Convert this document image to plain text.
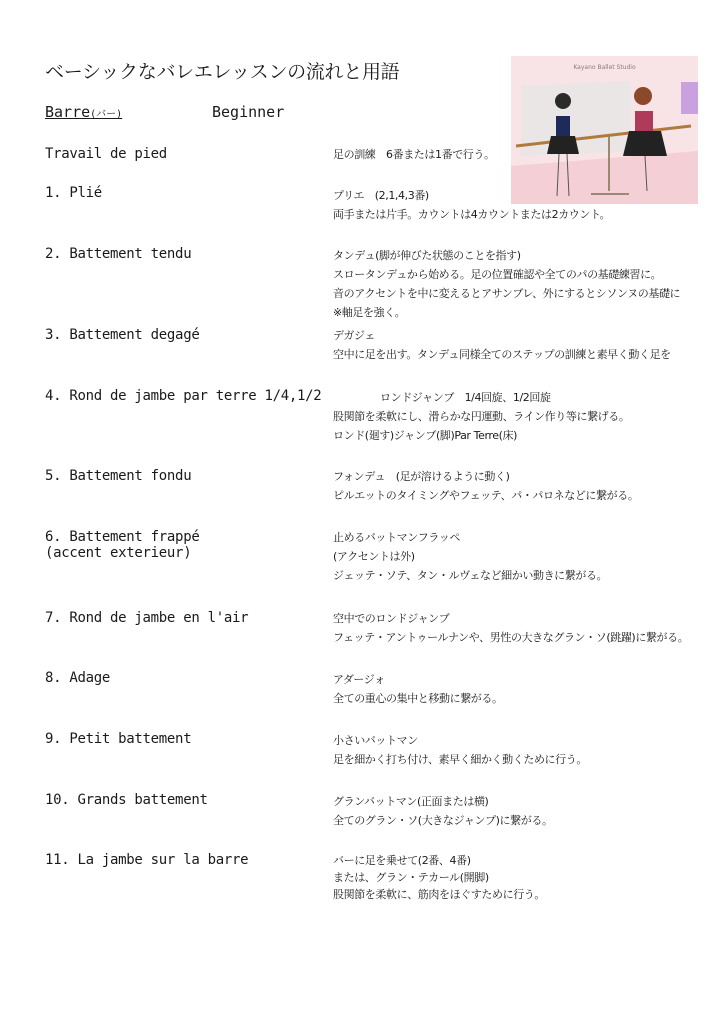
ベーシックなバレエレッスンの流れと用語
Barre(バー)	Beginner
Kayano Ballet Studio
Travail de pied	足の訓練　6番または1番で行う。
1. Plié	プリエ　(2,1,4,3番)
両手または片手。カウントは4カウントまたは2カウント。
2. Battement tendu	タンデュ(脚が伸びた状態のことを指す)
スロータンデュから始める。足の位置確認や全てのパの基礎練習に。
音のアクセントを中に変えるとアサンブレ、外にするとシソンヌの基礎に
※軸足を強く。
3. Battement degagé	デガジェ
空中に足を出す。タンデュ同様全てのステップの訓練と素早く動く足を
4. Rond de jambe par terre 1/4,1/2	ロンドジャンブ　1/4回旋、1/2回旋
股関節を柔軟にし、滑らかな円運動、ライン作り等に繋げる。
ロンド(廻す)ジャンブ(脚)Par Terre(床)
5. Battement fondu	フォンデュ　(足が溶けるように動く)
ピルエットのタイミングやフェッテ、パ・パロネなどに繋がる。
6. Battement frappé
(accent exterieur)
止めるバットマンフラッペ
(アクセントは外)
ジェッテ・ソテ、タン・ルヴェなど細かい動きに繋がる。
7. Rond de jambe en l'air	空中でのロンドジャンブ
フェッテ・アントゥールナンや、男性の大きなグラン・ソ(跳躍)に繋がる。
8. Adage	アダージォ
全ての重心の集中と移動に繋がる。
9. Petit battement	小さいバットマン
足を細かく打ち付け、素早く細かく動くために行う。
10. Grands battement	グランバットマン(正面または横)
全てのグラン・ソ(大きなジャンプ)に繋がる。
11. La jambe sur la barre	バーに足を乗せて(2番、4番)
または、グラン・テカール(開脚)
股関節を柔軟に、筋肉をほぐすために行う。
